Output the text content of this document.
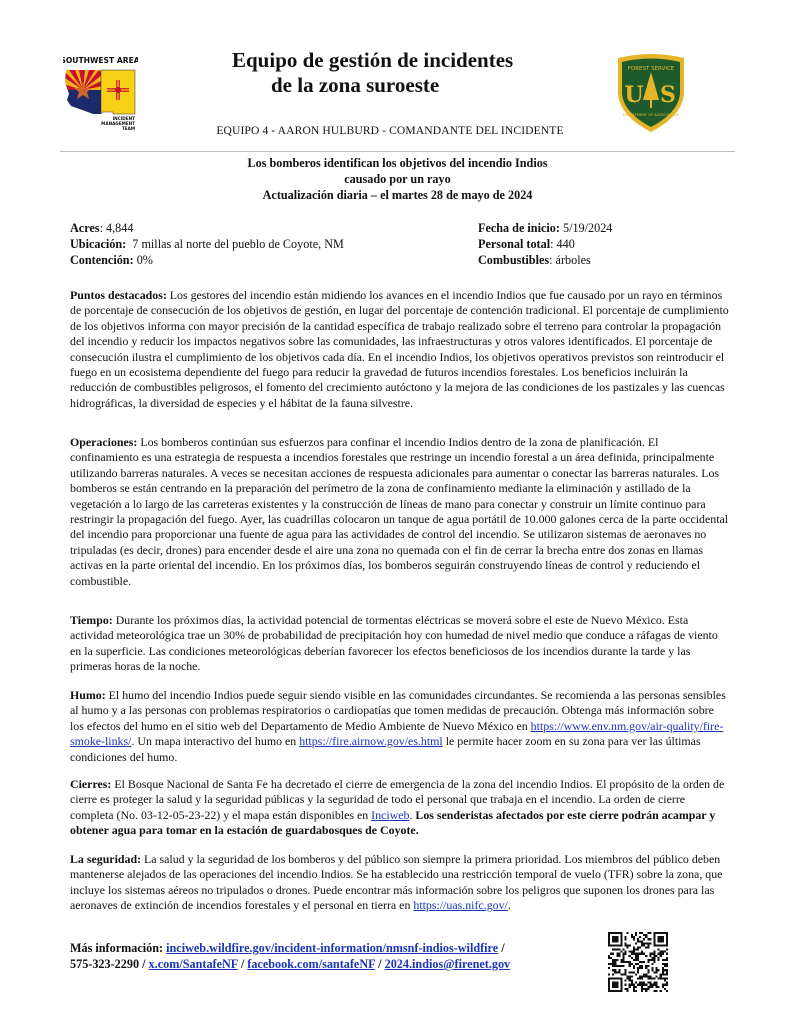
SOUTHWEST AREA
INCIDENT
MANAGEMENT
TEAM
Equipo de gestión de incidentes
de la zona suroeste
EQUIPO 4 - AARON HULBURD - COMANDANTE DEL INCIDENTE
FOREST SERVICE
U S
DEPARTMENT OF AGRICULTURE
Los bomberos identifican los objetivos del incendio Indios
causado por un rayo
Actualización diaria – el martes 28 de mayo de 2024
Acres: 4,844
Ubicación:  7 millas al norte del pueblo de Coyote, NM
Contención: 0%
Fecha de inicio: 5/19/2024
Personal total: 440
Combustibles: árboles
Puntos destacados: Los gestores del incendio están midiendo los avances en el incendio Indios que fue causado por un rayo en términos de porcentaje de consecución de los objetivos de gestión, en lugar del porcentaje de contención tradicional. El porcentaje de cumplimiento de los objetivos informa con mayor precisión de la cantidad específica de trabajo realizado sobre el terreno para controlar la propagación del incendio y reducir los impactos negativos sobre las comunidades, las infraestructuras y otros valores identificados. El porcentaje de consecución ilustra el cumplimiento de los objetivos cada día. En el incendio Indios, los objetivos operativos previstos son reintroducir el fuego en un ecosistema dependiente del fuego para reducir la gravedad de futuros incendios forestales. Los beneficios incluirán la reducción de combustibles peligrosos, el fomento del crecimiento autóctono y la mejora de las condiciones de los pastizales y las cuencas hidrográficas, la diversidad de especies y el hábitat de la fauna silvestre.
Operaciones: Los bomberos continúan sus esfuerzos para confinar el incendio Indios dentro de la zona de planificación. El confinamiento es una estrategia de respuesta a incendios forestales que restringe un incendio forestal a un área definida, principalmente utilizando barreras naturales. A veces se necesitan acciones de respuesta adicionales para aumentar o conectar las barreras naturales. Los bomberos se están centrando en la preparación del perímetro de la zona de confinamiento mediante la eliminación y astillado de la vegetación a lo largo de las carreteras existentes y la construcción de líneas de mano para conectar y construir un límite continuo para restringir la propagación del fuego. Ayer, las cuadrillas colocaron un tanque de agua portátil de 10.000 galones cerca de la parte occidental del incendio para proporcionar una fuente de agua para las actividades de control del incendio. Se utilizaron sistemas de aeronaves no tripuladas (es decir, drones) para encender desde el aire una zona no quemada con el fin de cerrar la brecha entre dos zonas en llamas activas en la parte oriental del incendio. En los próximos días, los bomberos seguirán construyendo líneas de control y reduciendo el combustible.
Tiempo: Durante los próximos días, la actividad potencial de tormentas eléctricas se moverá sobre el este de Nuevo México. Esta actividad meteorológica trae un 30% de probabilidad de precipitación hoy con humedad de nivel medio que conduce a ráfagas de viento en la superficie. Las condiciones meteorológicas deberían favorecer los efectos beneficiosos de los incendios durante la tarde y las primeras horas de la noche.
Humo: El humo del incendio Indios puede seguir siendo visible en las comunidades circundantes. Se recomienda a las personas sensibles al humo y a las personas con problemas respiratorios o cardiopatías que tomen medidas de precaución. Obtenga más información sobre los efectos del humo en el sitio web del Departamento de Medio Ambiente de Nuevo México en https://www.env.nm.gov/air-quality/fire-smoke-links/. Un mapa interactivo del humo en https://fire.airnow.gov/es.html le permite hacer zoom en su zona para ver las últimas condiciones del humo.
Cierres: El Bosque Nacional de Santa Fe ha decretado el cierre de emergencia de la zona del incendio Indios. El propósito de la orden de cierre es proteger la salud y la seguridad públicas y la seguridad de todo el personal que trabaja en el incendio. La orden de cierre completa (No. 03-12-05-23-22) y el mapa están disponibles en Inciweb. Los senderistas afectados por este cierre podrán acampar y obtener agua para tomar en la estación de guardabosques de Coyote.
La seguridad: La salud y la seguridad de los bomberos y del público son siempre la primera prioridad. Los miembros del público deben mantenerse alejados de las operaciones del incendio Indios. Se ha establecido una restricción temporal de vuelo (TFR) sobre la zona, que incluye los sistemas aéreos no tripulados o drones. Puede encontrar más información sobre los peligros que suponen los drones para las aeronaves de extinción de incendios forestales y el personal en tierra en https://uas.nifc.gov/.
Más información: inciweb.wildfire.gov/incident-information/nmsnf-indios-wildfire /
575-323-2290 / x.com/SantafeNF / facebook.com/santafeNF / 2024.indios@firenet.gov
